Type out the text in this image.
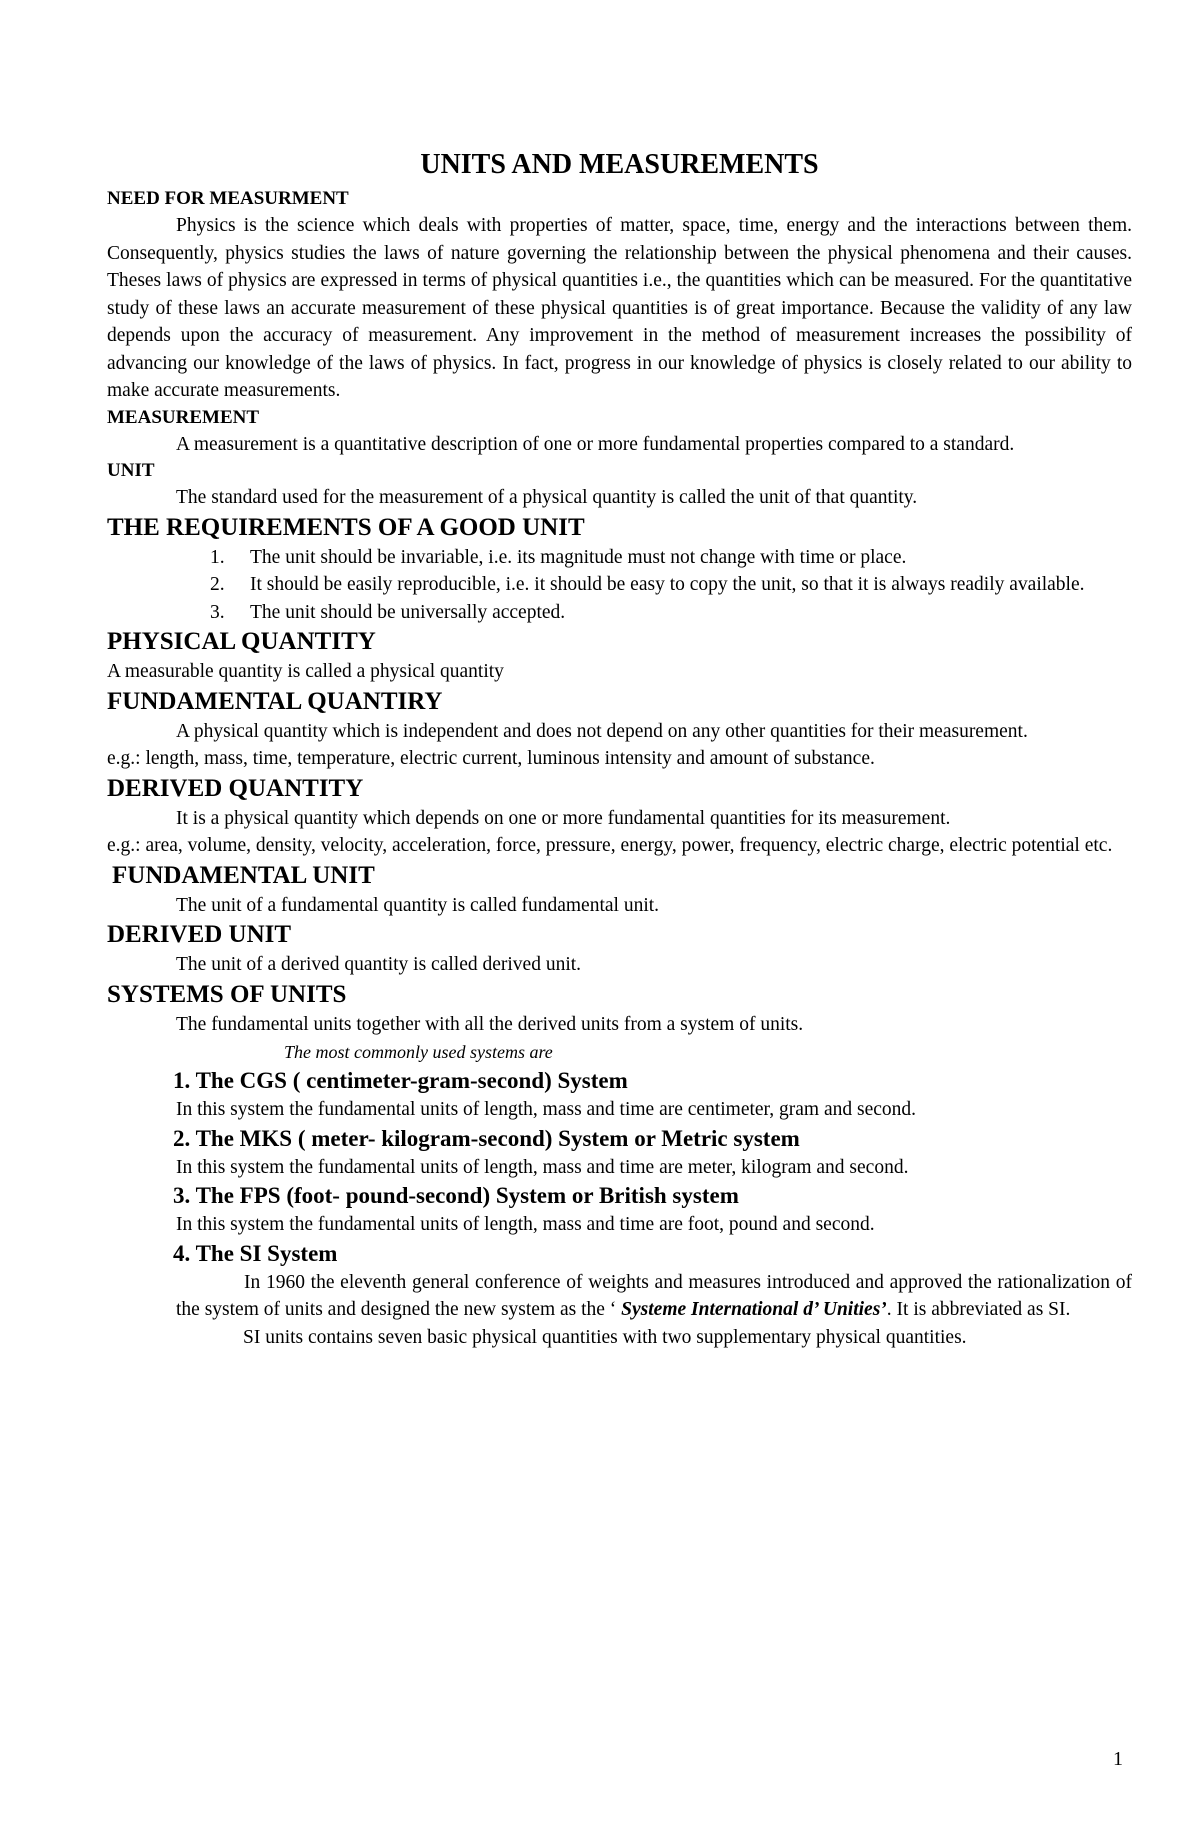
UNITS AND MEASUREMENTS

NEED FOR MEASURMENT

Physics is the science which deals with properties of matter, space, time, energy and the interactions between them. Consequently, physics studies the laws of nature governing the relationship between the physical phenomena and their causes. Theses laws of physics are expressed in terms of physical quantities i.e., the quantities which can be measured. For the quantitative study of these laws an accurate measurement of these physical quantities is of great importance. Because the validity of any law depends upon the accuracy of measurement. Any improvement in the method of measurement increases the possibility of advancing our knowledge of the laws of physics. In fact, progress in our knowledge of physics is closely related to our ability to make accurate measurements.

MEASUREMENT

A measurement is a quantitative description of one or more fundamental properties compared to a standard.

UNIT

The standard used for the measurement of a physical quantity is called the unit of that quantity.

THE REQUIREMENTS OF A GOOD UNIT

1. The unit should be invariable, i.e. its magnitude must not change with time or place.
2. It should be easily reproducible, i.e. it should be easy to copy the unit, so that it is always readily available.
3. The unit should be universally accepted.

PHYSICAL QUANTITY

A measurable quantity is called a physical quantity

FUNDAMENTAL QUANTIRY

A physical quantity which is independent and does not depend on any other quantities for their measurement.

e.g.: length, mass, time, temperature, electric current, luminous intensity and amount of substance.

DERIVED QUANTITY

It is a physical quantity which depends on one or more fundamental quantities for its measurement.

e.g.: area, volume, density, velocity, acceleration, force, pressure, energy, power, frequency, electric charge, electric potential etc.

FUNDAMENTAL UNIT

The unit of a fundamental quantity is called fundamental unit.

DERIVED UNIT

The unit of a derived quantity is called derived unit.

SYSTEMS OF UNITS

The fundamental units together with all the derived units from a system of units.

The most commonly used systems are

1. The CGS ( centimeter-gram-second) System

In this system the fundamental units of length, mass and time are centimeter, gram and second.

2. The MKS ( meter- kilogram-second) System or Metric system

In this system the fundamental units of length, mass and time are meter, kilogram and second.

3. The FPS (foot- pound-second) System or British system

In this system the fundamental units of length, mass and time are foot, pound and second.

4. The SI System

In 1960 the eleventh general conference of weights and measures introduced and approved the rationalization of the system of units and designed the new system as the ‘ Systeme International d’ Unities’. It is abbreviated as SI.

SI units contains seven basic physical quantities with two supplementary physical quantities.

1
